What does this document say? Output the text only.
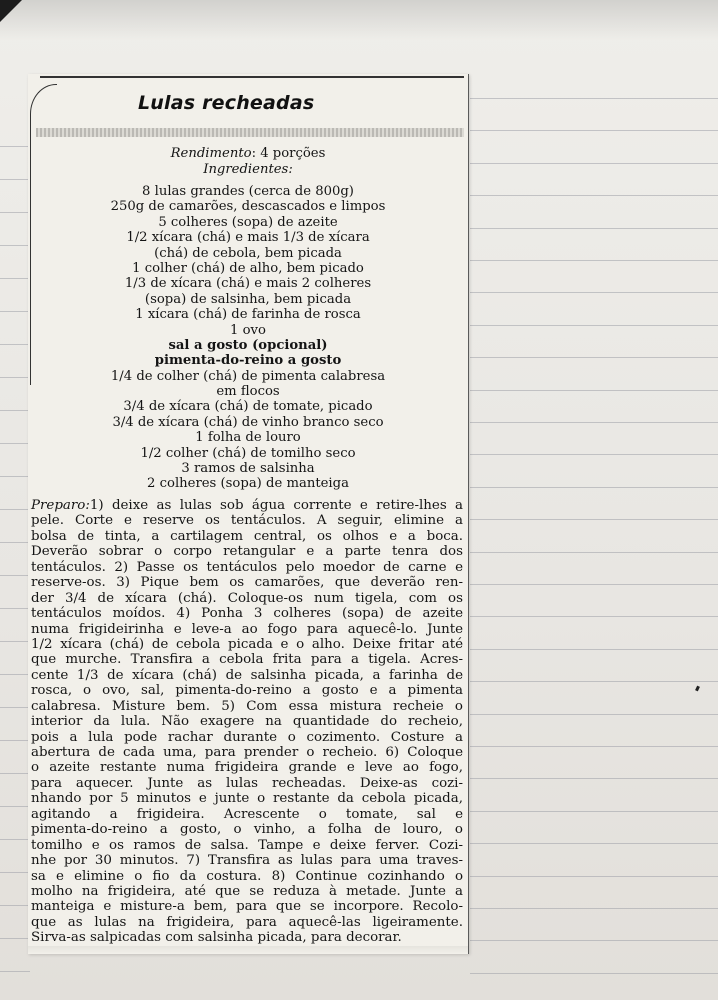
Lulas recheadas
Rendimento: 4 porções
Ingredientes:
8 lulas grandes (cerca de 800g)
250g de camarões, descascados e limpos
5 colheres (sopa) de azeite
1/2 xícara (chá) e mais 1/3 de xícara
(chá) de cebola, bem picada
1 colher (chá) de alho, bem picado
1/3 de xícara (chá) e mais 2 colheres
(sopa) de salsinha, bem picada
1 xícara (chá) de farinha de rosca
1 ovo
sal a gosto (opcional)
pimenta-do-reino a gosto
1/4 de colher (chá) de pimenta calabresa
em flocos
3/4 de xícara (chá) de tomate, picado
3/4 de xícara (chá) de vinho branco seco
1 folha de louro
1/2 colher (chá) de tomilho seco
3 ramos de salsinha
2 colheres (sopa) de manteiga
Preparo:1) deixe as lulas sob água corrente e retire-lhes a
pele. Corte e reserve os tentáculos. A seguir, elimine a
bolsa de tinta, a cartilagem central, os olhos e a boca.
Deverão sobrar o corpo retangular e a parte tenra dos
tentáculos. 2) Passe os tentáculos pelo moedor de carne e
reserve-os. 3) Pique bem os camarões, que deverão ren-
der 3/4 de xícara (chá). Coloque-os num tigela, com os
tentáculos moídos. 4) Ponha 3 colheres (sopa) de azeite
numa frigideirinha e leve-a ao fogo para aquecê-lo. Junte
1/2 xícara (chá) de cebola picada e o alho. Deixe fritar até
que murche. Transfira a cebola frita para a tigela. Acres-
cente 1/3 de xícara (chá) de salsinha picada, a farinha de
rosca, o ovo, sal, pimenta-do-reino a gosto e a pimenta
calabresa. Misture bem. 5) Com essa mistura recheie o
interior da lula. Não exagere na quantidade do recheio,
pois a lula pode rachar durante o cozimento. Costure a
abertura de cada uma, para prender o recheio. 6) Coloque
o azeite restante numa frigideira grande e leve ao fogo,
para aquecer. Junte as lulas recheadas. Deixe-as cozi-
nhando por 5 minutos e junte o restante da cebola picada,
agitando a frigideira. Acrescente o tomate, sal e
pimenta-do-reino a gosto, o vinho, a folha de louro, o
tomilho e os ramos de salsa. Tampe e deixe ferver. Cozi-
nhe por 30 minutos. 7) Transfira as lulas para uma traves-
sa e elimine o fio da costura. 8) Continue cozinhando o
molho na frigideira, até que se reduza à metade. Junte a
manteiga e misture-a bem, para que se incorpore. Recolo-
que as lulas na frigideira, para aquecê-las ligeiramente.
Sirva-as salpicadas com salsinha picada, para decorar.
